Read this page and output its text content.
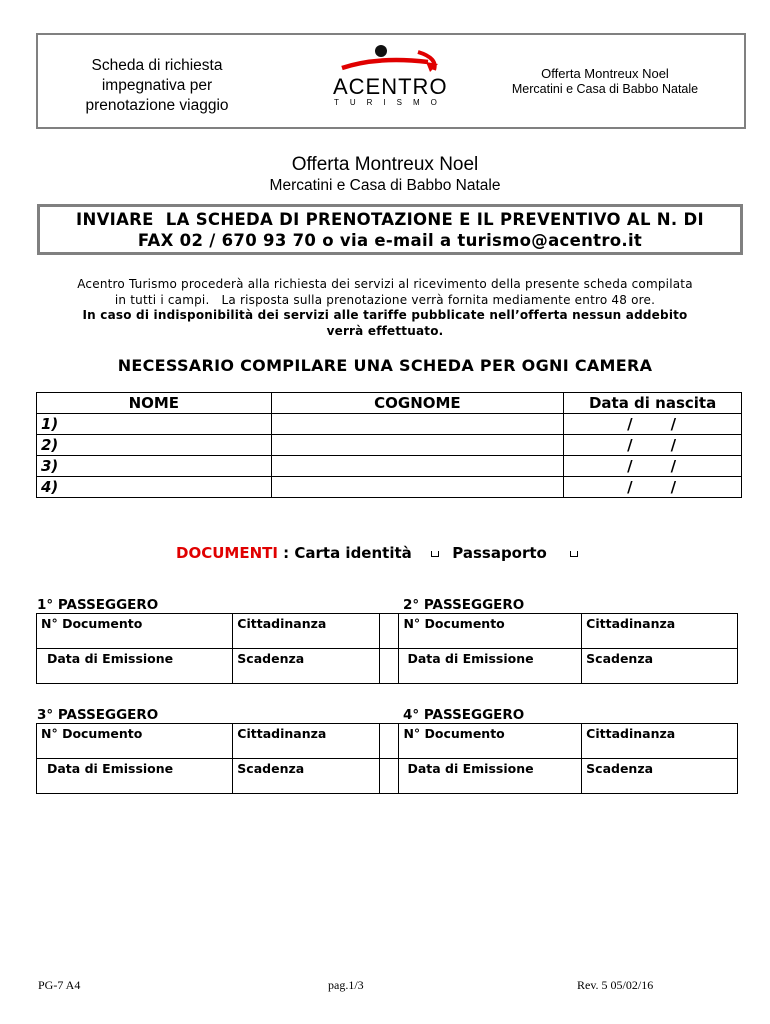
Scheda di richiesta
impegnativa per
prenotazione viaggio
ACENTRO
TURISMO
Offerta Montreux Noel
Mercatini e Casa di Babbo Natale
Offerta Montreux Noel
Mercatini e Casa di Babbo Natale
INVIARE  LA SCHEDA DI PRENOTAZIONE E IL PREVENTIVO AL N. DI
FAX 02 / 670 93 70 o via e-mail a turismo@acentro.it
Acentro Turismo procederà alla richiesta dei servizi al ricevimento della presente scheda compilata
in tutti i campi.   La risposta sulla prenotazione verrà fornita mediamente entro 48 ore.
In caso di indisponibilità dei servizi alle tariffe pubblicate nell’offerta nessun addebito
verrà effettuato.
NECESSARIO COMPILARE UNA SCHEDA PER OGNI CAMERA
NOME	COGNOME	Data di nascita
1)		/     /
2)		/     /
3)		/     /
4)		/     /
DOCUMENTI : Carta identità	Passaporto
1° PASSEGGERO
N° Documento	Cittadinanza
Data di Emissione	Scadenza
2° PASSEGGERO
	N° Documento	Cittadinanza
	Data di Emissione	Scadenza
3° PASSEGGERO
N° Documento	Cittadinanza
Data di Emissione	Scadenza
4° PASSEGGERO
	N° Documento	Cittadinanza
	Data di Emissione	Scadenza
PG-7 A4	pag.1/3	Rev. 5 05/02/16
